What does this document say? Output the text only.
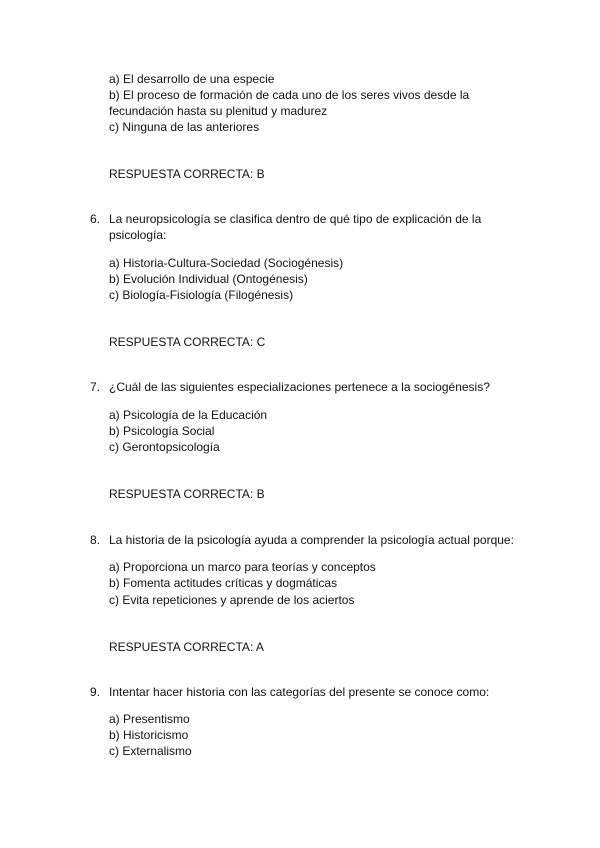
a) El desarrollo de una especie
b) El proceso de formación de cada uno de los seres vivos desde la
fecundación hasta su plenitud y madurez
c) Ninguna de las anteriores
RESPUESTA CORRECTA: B
6. La neuropsicología se clasifica dentro de qué tipo de explicación de la
psicología:
a) Historia-Cultura-Sociedad (Sociogénesis)
b) Evolución Individual (Ontogénesis)
c) Biología-Fisiología (Filogénesis)
RESPUESTA CORRECTA: C
7. ¿Cuál de las siguientes especializaciones pertenece a la sociogénesis?
a) Psicología de la Educación
b) Psicología Social
c) Gerontopsicología
RESPUESTA CORRECTA: B
8. La historia de la psicología ayuda a comprender la psicología actual porque:
a) Proporciona un marco para teorías y conceptos
b) Fomenta actitudes críticas y dogmáticas
c) Evita repeticiones y aprende de los aciertos
RESPUESTA CORRECTA: A
9. Intentar hacer historia con las categorías del presente se conoce como:
a) Presentismo
b) Historicismo
c) Externalismo
